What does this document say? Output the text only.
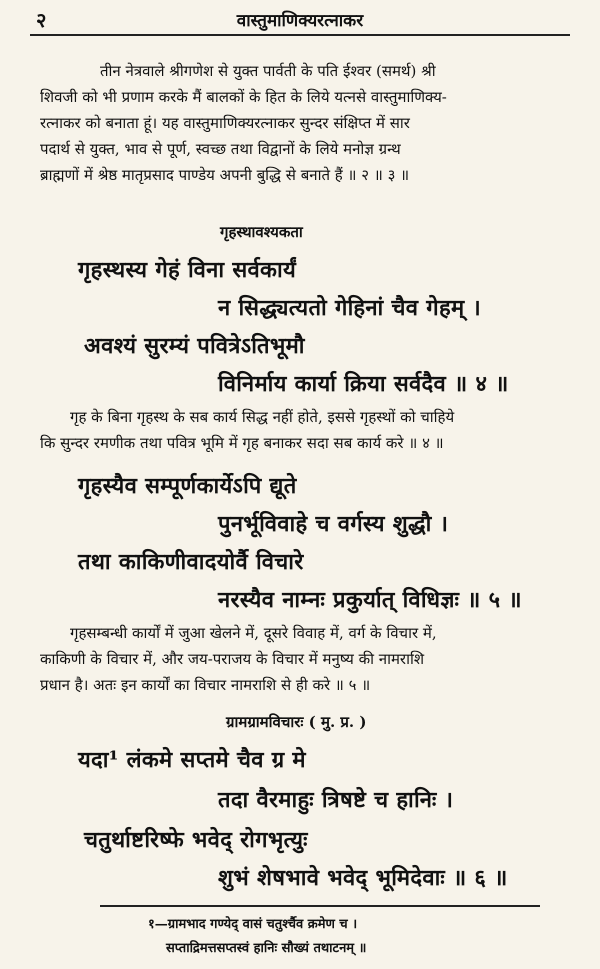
२	वास्तुमाणिक्यरत्नाकर
तीन नेत्रवाले श्रीगणेश से युक्त पार्वती के पति ईश्वर (समर्थ) श्री
शिवजी को भी प्रणाम करके मैं बालकों के हित के लिये यत्नसे वास्तुमाणिक्य-
रत्नाकर को बनाता हूं। यह वास्तुमाणिक्यरत्नाकर सुन्दर संक्षिप्त में सार
पदार्थ से युक्त, भाव से पूर्ण, स्वच्छ तथा विद्वानों के लिये मनोज्ञ ग्रन्थ
ब्राह्मणों में श्रेष्ठ मातृप्रसाद पाण्डेय अपनी बुद्धि से बनाते हैं ॥ २ ॥ ३ ॥
गृहस्थावश्यकता
गृहस्थस्य गेहं विना सर्वकार्यं
न सिद्ध्यत्यतो गेहिनां चैव गेहम् ।
अवश्यं सुरम्यं पवित्रेऽतिभूमौ
विनिर्माय कार्या क्रिया सर्वदैव ॥ ४ ॥
गृह के बिना गृहस्थ के सब कार्य सिद्ध नहीं होते, इससे गृहस्थों को चाहिये
कि सुन्दर रमणीक तथा पवित्र भूमि में गृह बनाकर सदा सब कार्य करे ॥ ४ ॥
गृहस्यैव सम्पूर्णकार्येऽपि द्यूते
पुनर्भूविवाहे च वर्गस्य शुद्धौ ।
तथा काकिणीवादयोर्वै विचारे
नरस्यैव नाम्नः प्रकुर्यात् विधिज्ञः ॥ ५ ॥
गृहसम्बन्धी कार्यों में जुआ खेलने में, दूसरे विवाह में, वर्ग के विचार में,
काकिणी के विचार में, और जय-पराजय के विचार में मनुष्य की नामराशि
प्रधान है। अतः इन कार्यों का विचार नामराशि से ही करे ॥ ५ ॥
ग्रामग्रामविचारः ( मु. प्र. )
यदा¹ लंकमे सप्तमे चैव ग्र मे
तदा वैरमाहुः त्रिषष्टे च हानिः ।
चतुर्थाष्टरिष्फे भवेद् रोगभृत्युः
शुभं शेषभावे भवेद् भूमिदेवाः ॥ ६ ॥
१—ग्रामभाद गण्येद् वासं चतुर्श्चैव क्रमेण च ।
सप्ताद्रिमत्तसप्तस्वं हानिः सौख्यं तथाटनम् ॥
